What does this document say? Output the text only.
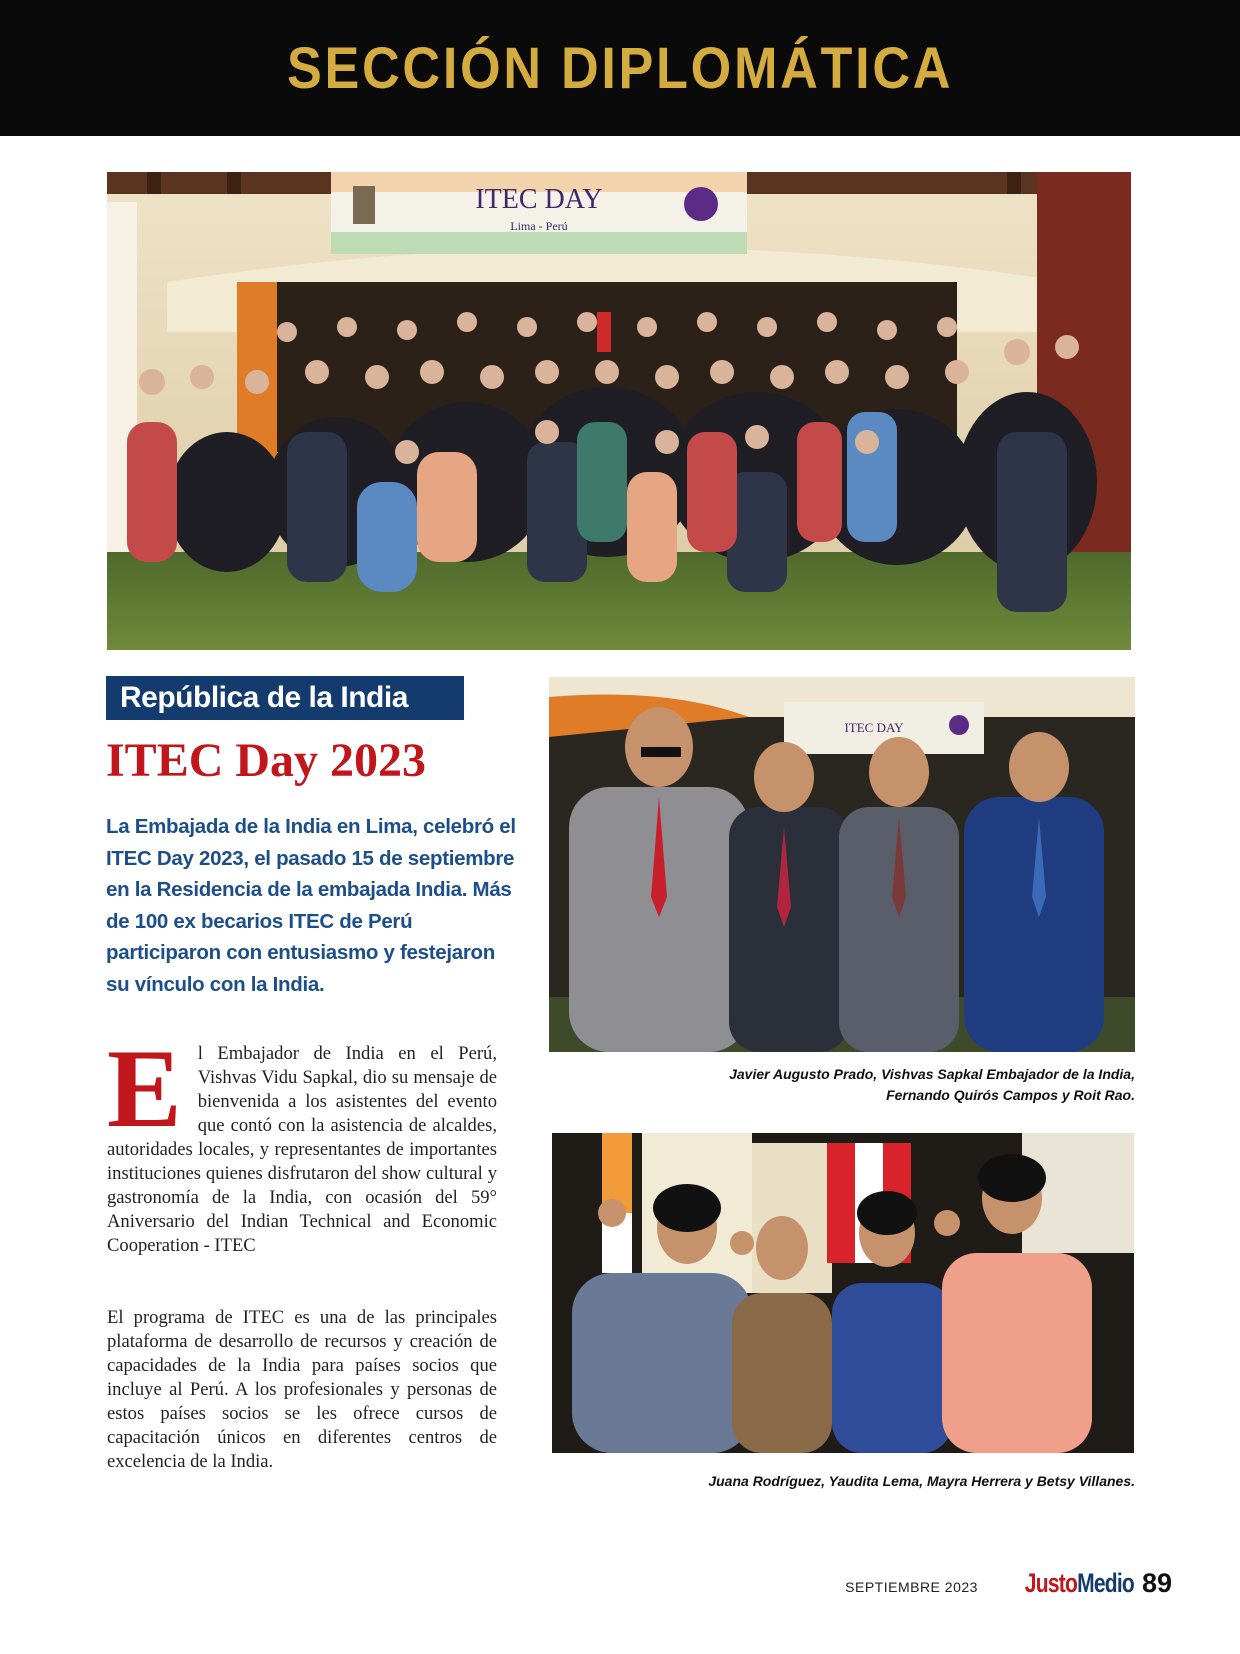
SECCIÓN DIPLOMÁTICA
ITEC DAY
Lima - Perú
República de la India
ITEC Day 2023
La Embajada de la India en Lima, celebró el ITEC Day 2023, el pasado 15 de septiembre en la Residencia de la embajada India. Más de 100 ex becarios ITEC de Perú participaron con entusiasmo y festejaron su vínculo con la India.
ITEC DAY
Javier Augusto Prado, Vishvas Sapkal Embajador de la India,
Fernando Quirós Campos y Roit Rao.
E l Embajador de India en el Perú, Vishvas Vidu Sapkal, dio su mensaje de bienvenida a los asistentes del evento que contó con la asistencia de alcaldes, autoridades locales, y representantes de importantes instituciones quienes disfrutaron del show cultural y gastronomía de la India, con ocasión del 59° Aniversario del Indian Technical and Economic Cooperation - ITEC
El programa de ITEC es una de las principales plataforma de desarrollo de recursos y creación de capacidades de la India para países socios que incluye al Perú. A los profesionales y personas de estos países socios se les ofrece cursos de capacitación únicos en diferentes centros de excelencia de la India.
Juana Rodríguez, Yaudita Lema, Mayra Herrera y Betsy Villanes.
SEPTIEMBRE 2023 JustoMedio 89
